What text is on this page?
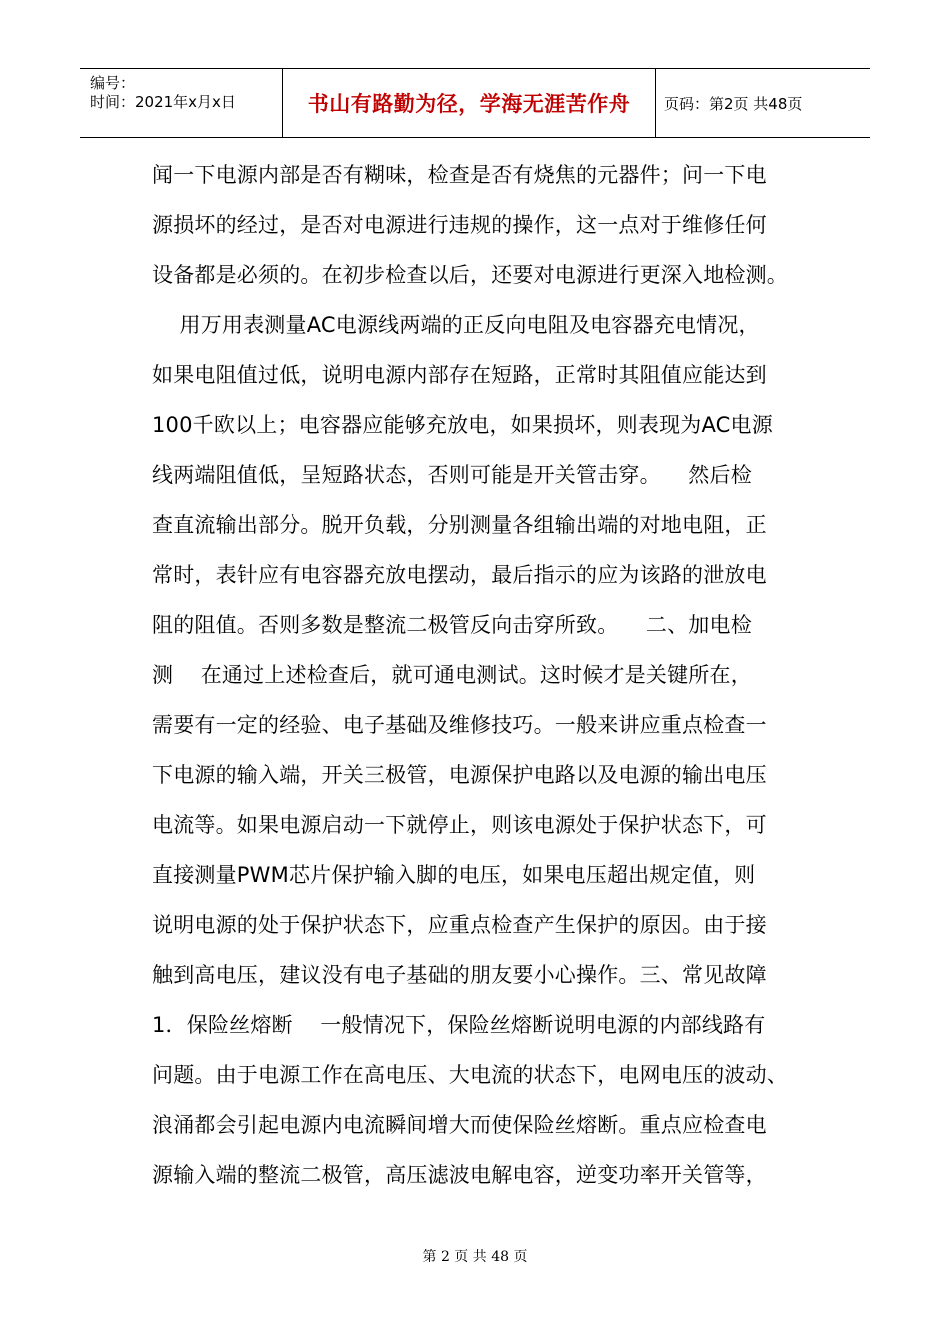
编号：
时间：2021年x月x日	书山有路勤为径，学海无涯苦作舟 页码：第2页 共48页
闻一下电源内部是否有糊味，检查是否有烧焦的元器件；问一下电
源损坏的经过，是否对电源进行违规的操作，这一点对于维修任何
设备都是必须的。在初步检查以后，还要对电源进行更深入地检测。
用万用表测量AC电源线两端的正反向电阻及电容器充电情况，
如果电阻值过低，说明电源内部存在短路，正常时其阻值应能达到
100千欧以上；电容器应能够充放电，如果损坏，则表现为AC电源
线两端阻值低，呈短路状态，否则可能是开关管击穿。    然后检
查直流输出部分。脱开负载，分别测量各组输出端的对地电阻，正
常时，表针应有电容器充放电摆动，最后指示的应为该路的泄放电
阻的阻值。否则多数是整流二极管反向击穿所致。    二、加电检
测    在通过上述检查后，就可通电测试。这时候才是关键所在，
需要有一定的经验、电子基础及维修技巧。一般来讲应重点检查一
下电源的输入端，开关三极管，电源保护电路以及电源的输出电压
电流等。如果电源启动一下就停止，则该电源处于保护状态下，可
直接测量PWM芯片保护输入脚的电压，如果电压超出规定值，则
说明电源的处于保护状态下，应重点检查产生保护的原因。由于接
触到高电压，建议没有电子基础的朋友要小心操作。三、常见故障
1．保险丝熔断    一般情况下，保险丝熔断说明电源的内部线路有
问题。由于电源工作在高电压、大电流的状态下，电网电压的波动、
浪涌都会引起电源内电流瞬间增大而使保险丝熔断。重点应检查电
源输入端的整流二极管，高压滤波电解电容，逆变功率开关管等，
第 2 页 共 48 页
